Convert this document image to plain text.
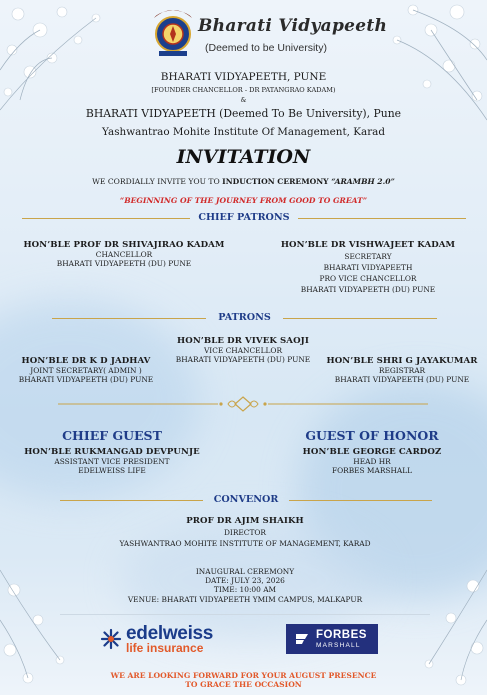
Bharati Vidyapeeth
(Deemed to be University)
BHARATI VIDYAPEETH, PUNE
[FOUNDER CHANCELLOR - DR PATANGRAO KADAM)
&
BHARATI VIDYAPEETH (Deemed To Be University), Pune
Yashwantrao Mohite Institute Of Management, Karad
INVITATION
WE CORDIALLY INVITE YOU TO INDUCTION CEREMONY “ARAMBH 2.0”
“BEGINNING OF THE JOURNEY FROM GOOD TO GREAT”
CHIEF PATRONS
HON’BLE PROF DR SHIVAJIRAO KADAM
CHANCELLOR
BHARATI VIDYAPEETH (DU) PUNE
HON’BLE DR VISHWAJEET KADAM
SECRETARY
BHARATI VIDYAPEETH
PRO VICE CHANCELLOR
BHARATI VIDYAPEETH (DU) PUNE
PATRONS
HON’BLE DR VIVEK SAOJI
VICE CHANCELLOR
BHARATI VIDYAPEETH (DU) PUNE
HON’BLE DR K D JADHAV
JOINT SECRETARY( ADMIN )
BHARATI VIDYAPEETH (DU) PUNE
HON’BLE SHRI G JAYAKUMAR
REGISTRAR
BHARATI VIDYAPEETH (DU) PUNE
CHIEF GUEST
HON’BLE RUKMANGAD DEVPUNJE
ASSISTANT VICE PRESIDENT
EDELWEISS LIFE
GUEST OF HONOR
HON’BLE GEORGE CARDOZ
HEAD HR
FORBES MARSHALL
CONVENOR
PROF DR AJIM SHAIKH
DIRECTOR
YASHWANTRAO MOHITE INSTITUTE OF MANAGEMENT, KARAD
INAUGURAL CEREMONY
DATE: JULY 23, 2026
TIME: 10:00 AM
VENUE: BHARATI VIDYAPEETH YMIM CAMPUS, MALKAPUR
edelweiss
life insurance
FORBES
MARSHALL
WE ARE LOOKING FORWARD FOR YOUR AUGUST PRESENCE
TO GRACE THE OCCASION
